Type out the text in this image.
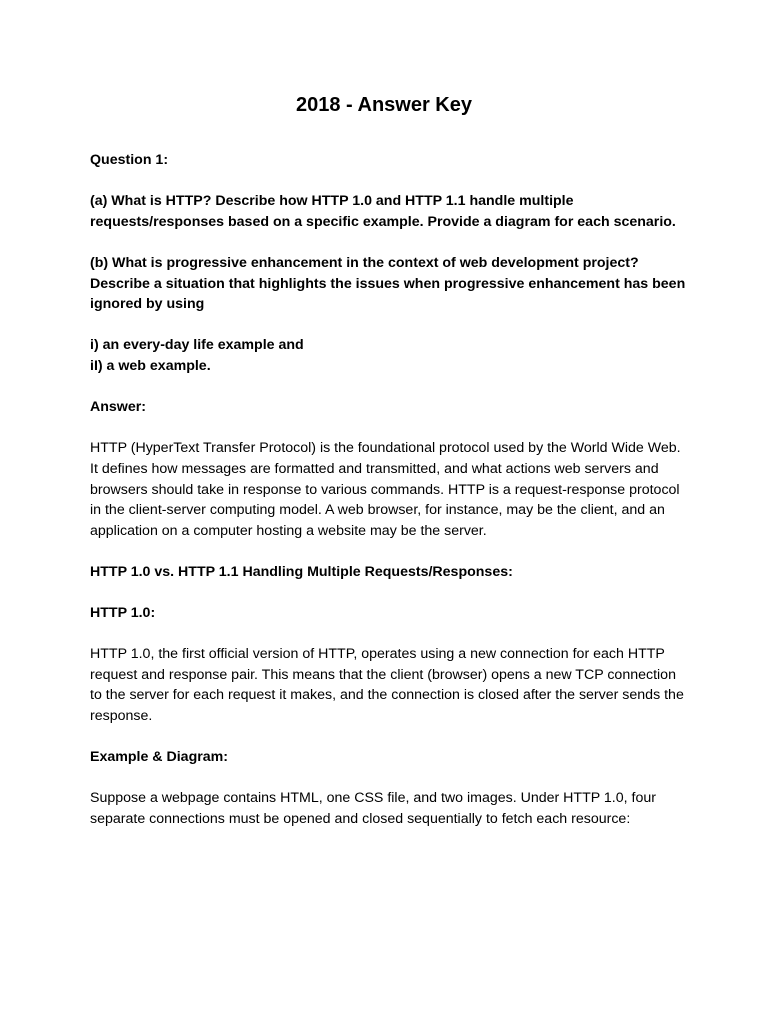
2018 - Answer Key

Question 1:

(a) What is HTTP? Describe how HTTP 1.0 and HTTP 1.1 handle multiple requests/responses based on a specific example. Provide a diagram for each scenario.

(b) What is progressive enhancement in the context of web development project? Describe a situation that highlights the issues when progressive enhancement has been ignored by using

i) an every-day life example and
iI) a web example.

Answer:

HTTP (HyperText Transfer Protocol) is the foundational protocol used by the World Wide Web. It defines how messages are formatted and transmitted, and what actions web servers and browsers should take in response to various commands. HTTP is a request-response protocol in the client-server computing model. A web browser, for instance, may be the client, and an application on a computer hosting a website may be the server.

HTTP 1.0 vs. HTTP 1.1 Handling Multiple Requests/Responses:

HTTP 1.0:

HTTP 1.0, the first official version of HTTP, operates using a new connection for each HTTP request and response pair. This means that the client (browser) opens a new TCP connection to the server for each request it makes, and the connection is closed after the server sends the response.

Example & Diagram:

Suppose a webpage contains HTML, one CSS file, and two images. Under HTTP 1.0, four separate connections must be opened and closed sequentially to fetch each resource:
